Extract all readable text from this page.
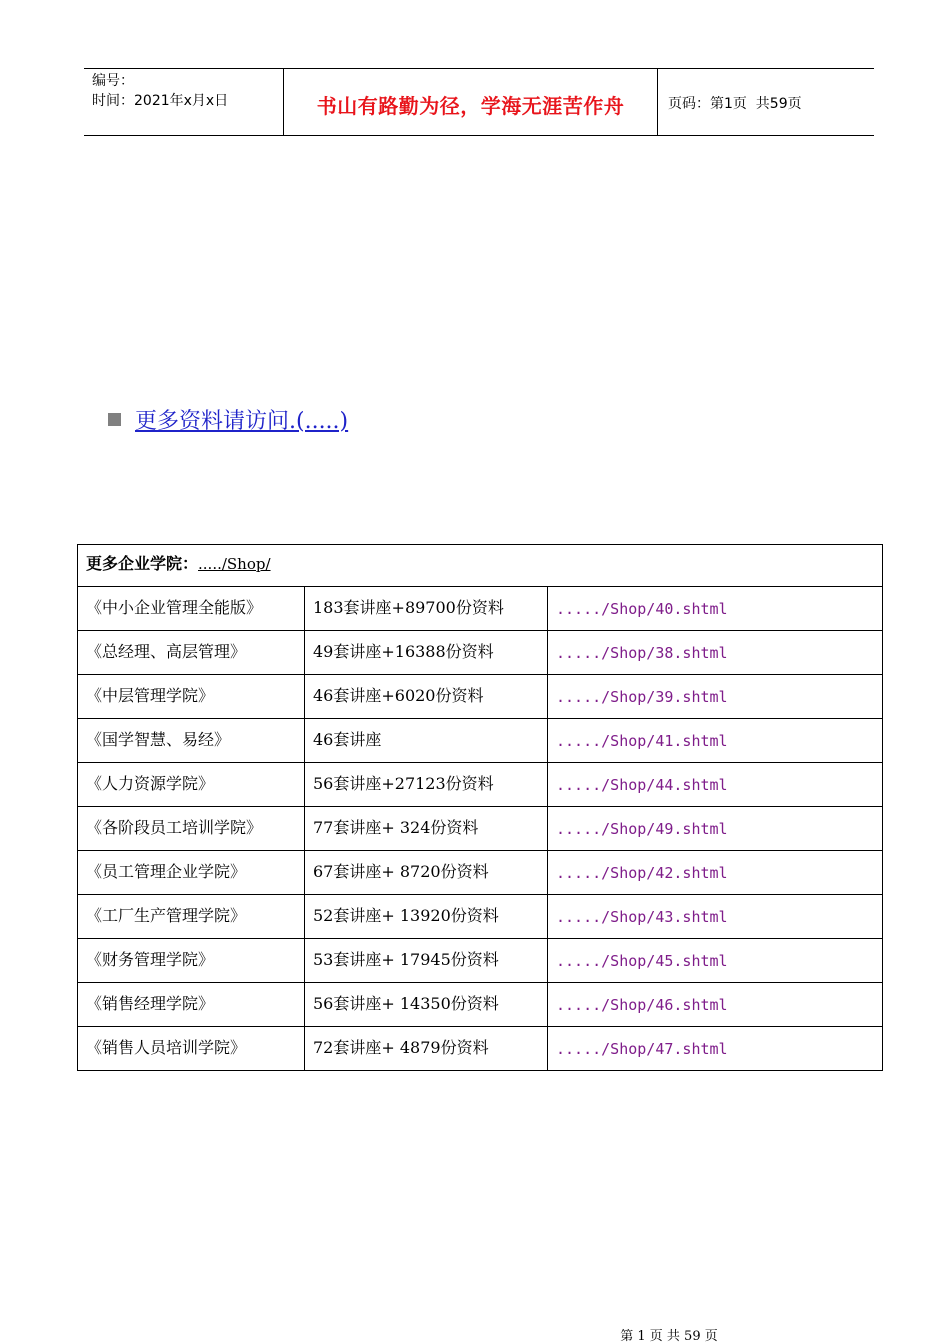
编号：
时间：2021年x月x日	书山有路勤为径，学海无涯苦作舟	页码：第1页  共59页
更多资料请访问.(.....)
更多企业学院：...../Shop/		
《中小企业管理全能版》	183套讲座+89700份资料	...../Shop/40.shtml
《总经理、高层管理》	49套讲座+16388份资料	...../Shop/38.shtml
《中层管理学院》	46套讲座+6020份资料	...../Shop/39.shtml
《国学智慧、易经》	46套讲座	...../Shop/41.shtml
《人力资源学院》	56套讲座+27123份资料	...../Shop/44.shtml
《各阶段员工培训学院》	77套讲座+ 324份资料	...../Shop/49.shtml
《员工管理企业学院》	67套讲座+ 8720份资料	...../Shop/42.shtml
《工厂生产管理学院》	52套讲座+ 13920份资料	...../Shop/43.shtml
《财务管理学院》	53套讲座+ 17945份资料	...../Shop/45.shtml
《销售经理学院》	56套讲座+ 14350份资料	...../Shop/46.shtml
《销售人员培训学院》	72套讲座+ 4879份资料	...../Shop/47.shtml
第 1 页 共 59 页
